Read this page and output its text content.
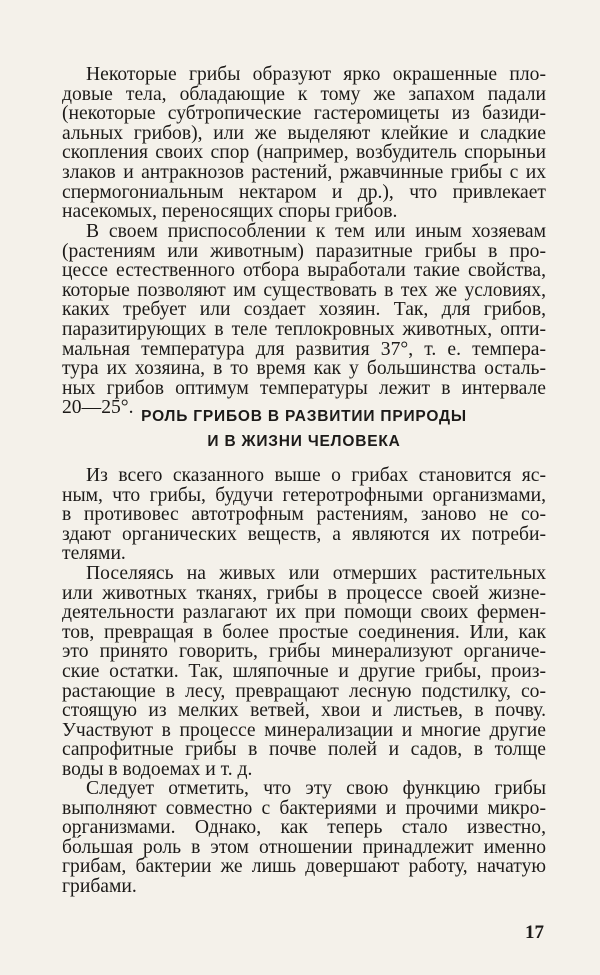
Некоторые грибы образуют ярко окрашенные пло-
довые тела, обладающие к тому же запахом падали
(некоторые субтропические гастеромицеты из базиди-
альных грибов), или же выделяют клейкие и сладкие
скопления своих спор (например, возбудитель спорыньи
злаков и антракнозов растений, ржавчинные грибы с их
спермогониальным нектаром и др.), что привлекает
насекомых, переносящих споры грибов.
В своем приспособлении к тем или иным хозяевам
(растениям или животным) паразитные грибы в про-
цессе естественного отбора выработали такие свойства,
которые позволяют им существовать в тех же условиях,
каких требует или создает хозяин. Так, для грибов,
паразитирующих в теле теплокровных животных, опти-
мальная температура для развития 37°, т. е. темпера-
тура их хозяина, в то время как у большинства осталь-
ных грибов оптимум температуры лежит в интервале
20—25°. РОЛЬ ГРИБОВ В РАЗВИТИИ ПРИРОДЫ
И В ЖИЗНИ ЧЕЛОВЕКА
Из всего сказанного выше о грибах становится яс-
ным, что грибы, будучи гетеротрофными организмами,
в противовес автотрофным растениям, заново не со-
здают органических веществ, а являются их потреби-
телями.
Поселяясь на живых или отмерших растительных
или животных тканях, грибы в процессе своей жизне-
деятельности разлагают их при помощи своих фермен-
тов, превращая в более простые соединения. Или, как
это принято говорить, грибы минерализуют органиче-
ские остатки. Так, шляпочные и другие грибы, произ-
растающие в лесу, превращают лесную подстилку, со-
стоящую из мелких ветвей, хвои и листьев, в почву.
Участвуют в процессе минерализации и многие другие
сапрофитные грибы в почве полей и садов, в толще
воды в водоемах и т. д.
Следует отметить, что эту свою функцию грибы
выполняют совместно с бактериями и прочими микро-
организмами. Однако, как теперь стало известно,
бо́льшая роль в этом отношении принадлежит именно
грибам, бактерии же лишь довершают работу, начатую
грибами.
17
